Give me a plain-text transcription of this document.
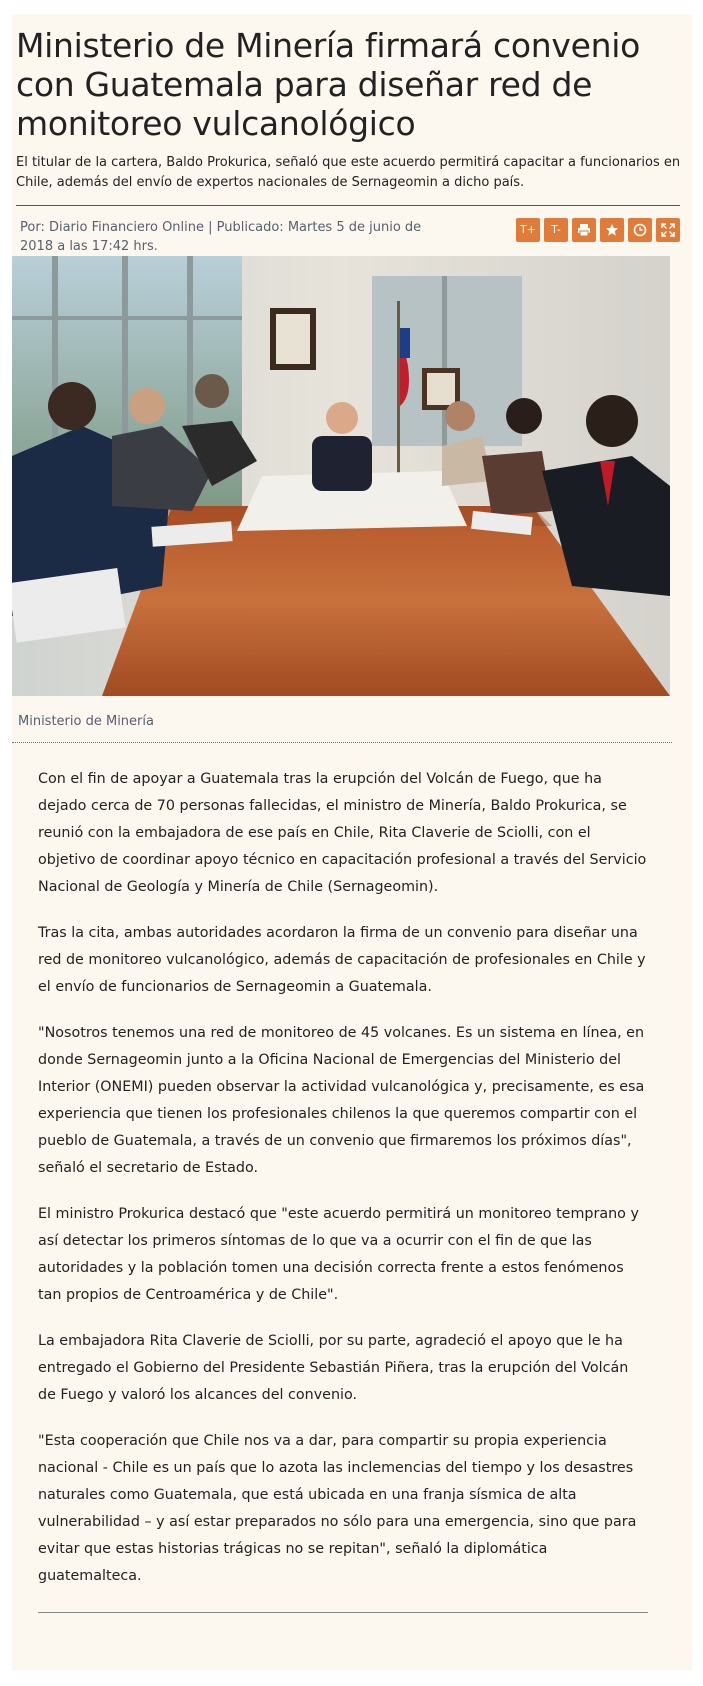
Ministerio de Minería firmará convenio con Guatemala para diseñar red de monitoreo vulcanológico

El titular de la cartera, Baldo Prokurica, señaló que este acuerdo permitirá capacitar a funcionarios en Chile, además del envío de expertos nacionales de Sernageomin a dicho país.

Por: Diario Financiero Online | Publicado: Martes 5 de junio de 2018 a las 17:42 hrs.
T+	T-
Ministerio de Minería

Con el fin de apoyar a Guatemala tras la erupción del Volcán de Fuego, que ha dejado cerca de 70 personas fallecidas, el ministro de Minería, Baldo Prokurica, se reunió con la embajadora de ese país en Chile, Rita Claverie de Sciolli, con el objetivo de coordinar apoyo técnico en capacitación profesional a través del Servicio Nacional de Geología y Minería de Chile (Sernageomin).

Tras la cita, ambas autoridades acordaron la firma de un convenio para diseñar una red de monitoreo vulcanológico, además de capacitación de profesionales en Chile y el envío de funcionarios de Sernageomin a Guatemala.

"Nosotros tenemos una red de monitoreo de 45 volcanes. Es un sistema en línea, en donde Sernageomin junto a la Oficina Nacional de Emergencias del Ministerio del Interior (ONEMI) pueden observar la actividad vulcanológica y, precisamente, es esa experiencia que tienen los profesionales chilenos la que queremos compartir con el pueblo de Guatemala, a través de un convenio que firmaremos los próximos días", señaló el secretario de Estado.

El ministro Prokurica destacó que "este acuerdo permitirá un monitoreo temprano y así detectar los primeros síntomas de lo que va a ocurrir con el fin de que las autoridades y la población tomen una decisión correcta frente a estos fenómenos tan propios de Centroamérica y de Chile".

La embajadora Rita Claverie de Sciolli, por su parte, agradeció el apoyo que le ha entregado el Gobierno del Presidente Sebastián Piñera, tras la erupción del Volcán de Fuego y valoró los alcances del convenio.

"Esta cooperación que Chile nos va a dar, para compartir su propia experiencia nacional - Chile es un país que lo azota las inclemencias del tiempo y los desastres naturales como Guatemala, que está ubicada en una franja sísmica de alta vulnerabilidad – y así estar preparados no sólo para una emergencia, sino que para evitar que estas historias trágicas no se repitan", señaló la diplomática guatemalteca.
